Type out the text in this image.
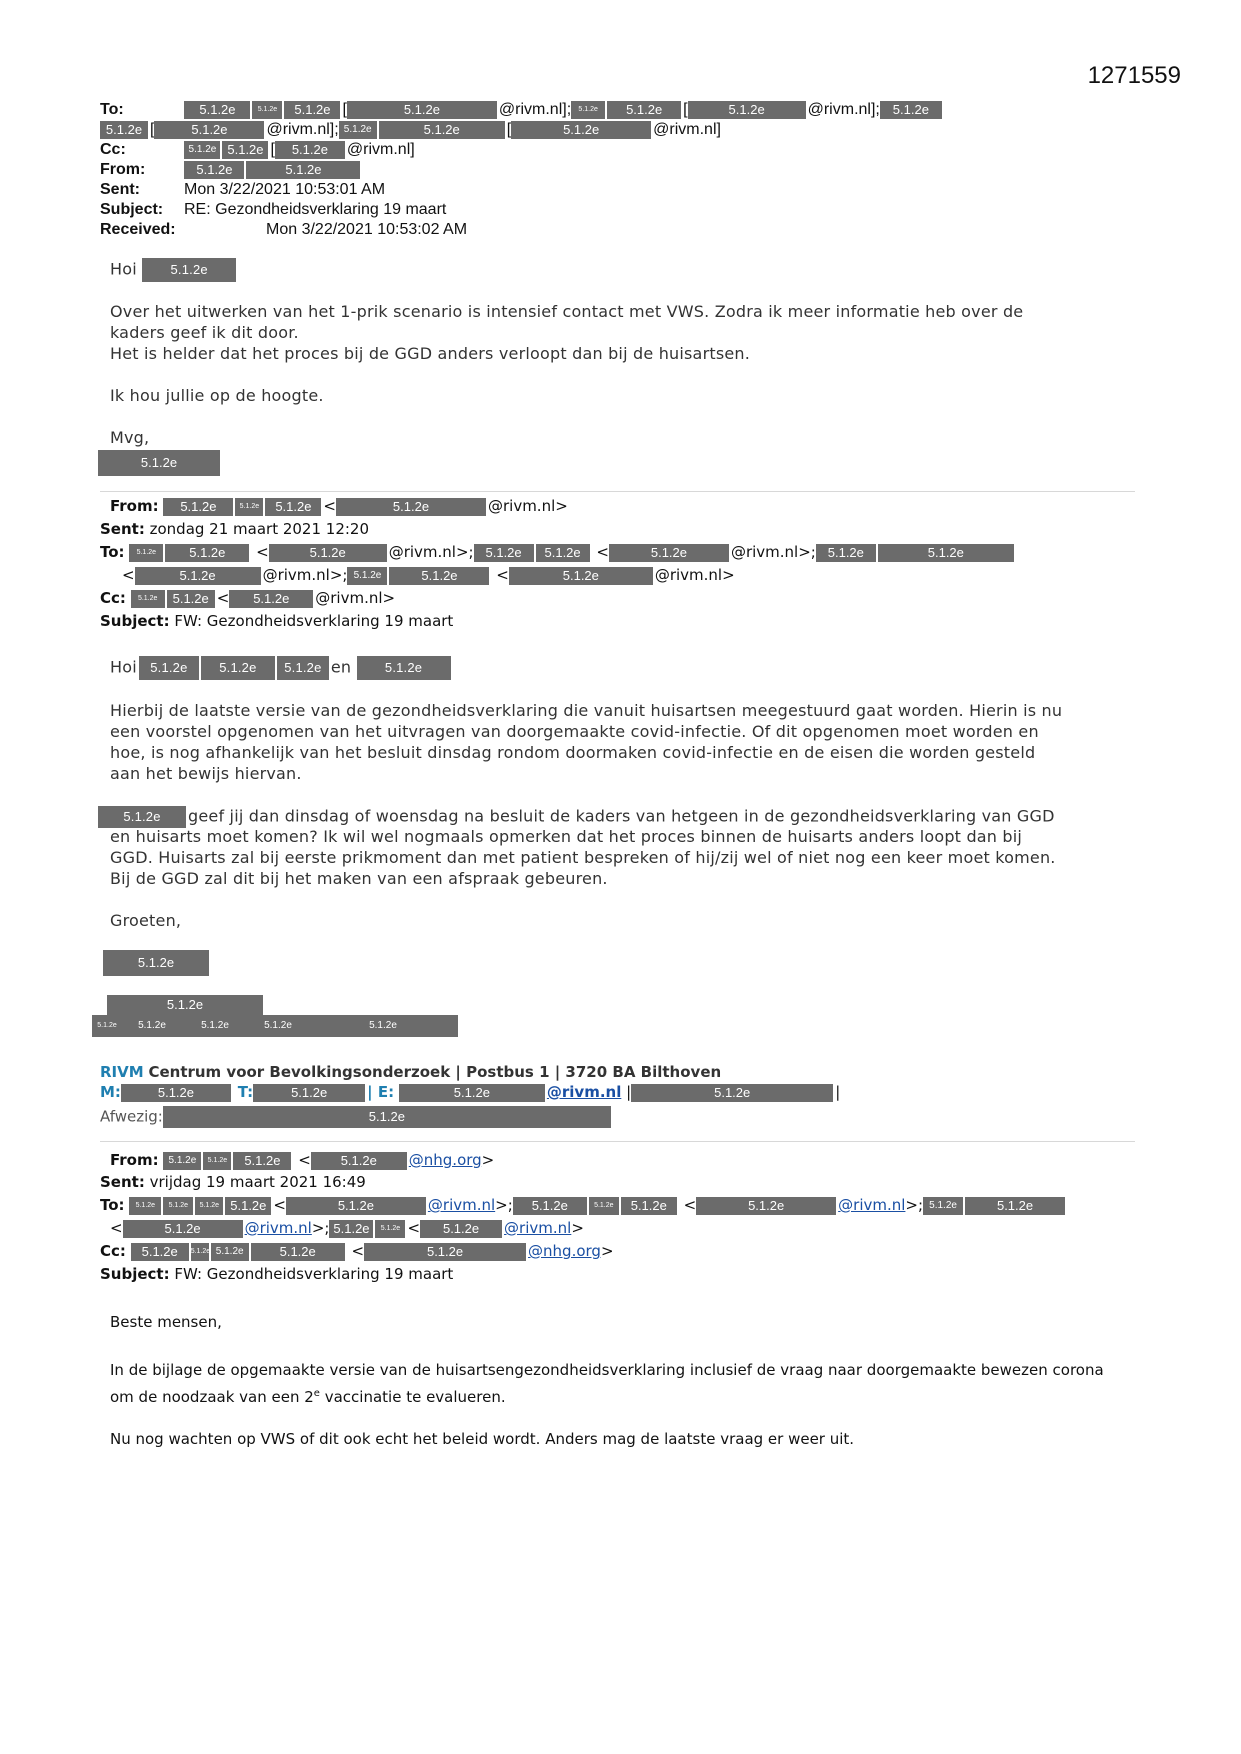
1271559
To:	5.1.2e	5.1.2e 5.1.2e [	5.1.2e	@rivm.nl]; 5.1.2e 5.1.2e [	5.1.2e	@rivm.nl]; 5.1.2e
5.1.2e [	5.1.2e @rivm.nl]; 5.1.2e	5.1.2e	[	5.1.2e	@rivm.nl]
Cc:	5.1.2e 5.1.2e [ 5.1.2e @rivm.nl]
From:	5.1.2e	5.1.2e
Sent:	Mon 3/22/2021 10:53:01 AM
Subject: RE: Gezondheidsverklaring 19 maart
Received:	Mon 3/22/2021 10:53:02 AM
Hoi	5.1.2e
Over het uitwerken van het 1-prik scenario is intensief contact met VWS. Zodra ik meer informatie heb over de
kaders geef ik dit door.
Het is helder dat het proces bij de GGD anders verloopt dan bij de huisartsen.
Ik hou jullie op de hoogte.
Mvg,
5.1.2e
From: 5.1.2e	5.1.2e 5.1.2e <	5.1.2e	@rivm.nl>
Sent: zondag 21 maart 2021 12:20
To: 5.1.2e	5.1.2e <	5.1.2e	@rivm.nl>; 5.1.2e 5.1.2e <	5.1.2e	@rivm.nl>; 5.1.2e	5.1.2e
<	5.1.2e	@rivm.nl>; 5.1.2e	5.1.2e	<	5.1.2e	@rivm.nl>
Cc: 5.1.2e 5.1.2e < 5.1.2e @rivm.nl>
Subject: FW: Gezondheidsverklaring 19 maart
Hoi 5.1.2e 5.1.2e 5.1.2e en	5.1.2e
Hierbij de laatste versie van de gezondheidsverklaring die vanuit huisartsen meegestuurd gaat worden. Hierin is nu
een voorstel opgenomen van het uitvragen van doorgemaakte covid-infectie. Of dit opgenomen moet worden en
hoe, is nog afhankelijk van het besluit dinsdag rondom doormaken covid-infectie en de eisen die worden gesteld
aan het bewijs hiervan.
5.1.2e geef jij dan dinsdag of woensdag na besluit de kaders van hetgeen in de gezondheidsverklaring van GGD
en huisarts moet komen? Ik wil wel nogmaals opmerken dat het proces binnen de huisarts anders loopt dan bij
GGD. Huisarts zal bij eerste prikmoment dan met patient bespreken of hij/zij wel of niet nog een keer moet komen.
Bij de GGD zal dit bij het maken van een afspraak gebeuren.
Groeten,
5.1.2e
5.1.2e
5.1.2e 5.1.2e	5.1.2e	5.1.2e	5.1.2e
RIVM Centrum voor Bevolkingsonderzoek | Postbus 1 | 3720 BA Bilthoven
M:	5.1.2e	T:	5.1.2e	| E:	5.1.2e	@rivm.nl |	5.1.2e	|
Afwezig:	5.1.2e
From: 5.1.2e 5.1.2e 5.1.2e < 5.1.2e @nhg.org>
Sent: vrijdag 19 maart 2021 16:49
To: 5.1.2e 5.1.2e 5.1.2e 5.1.2e <	5.1.2e	@rivm.nl>; 5.1.2e	5.1.2e 5.1.2e <	5.1.2e	@rivm.nl>; 5.1.2e	5.1.2e
<	5.1.2e	@rivm.nl>; 5.1.2e 5.1.2e < 5.1.2e @rivm.nl>
Cc: 5.1.2e 5.1.2e 5.1.2e	5.1.2e <	5.1.2e	@nhg.org>
Subject: FW: Gezondheidsverklaring 19 maart
Beste mensen,
In de bijlage de opgemaakte versie van de huisartsengezondheidsverklaring inclusief de vraag naar doorgemaakte bewezen corona
om de noodzaak van een 2e vaccinatie te evalueren.
Nu nog wachten op VWS of dit ook echt het beleid wordt. Anders mag de laatste vraag er weer uit.
